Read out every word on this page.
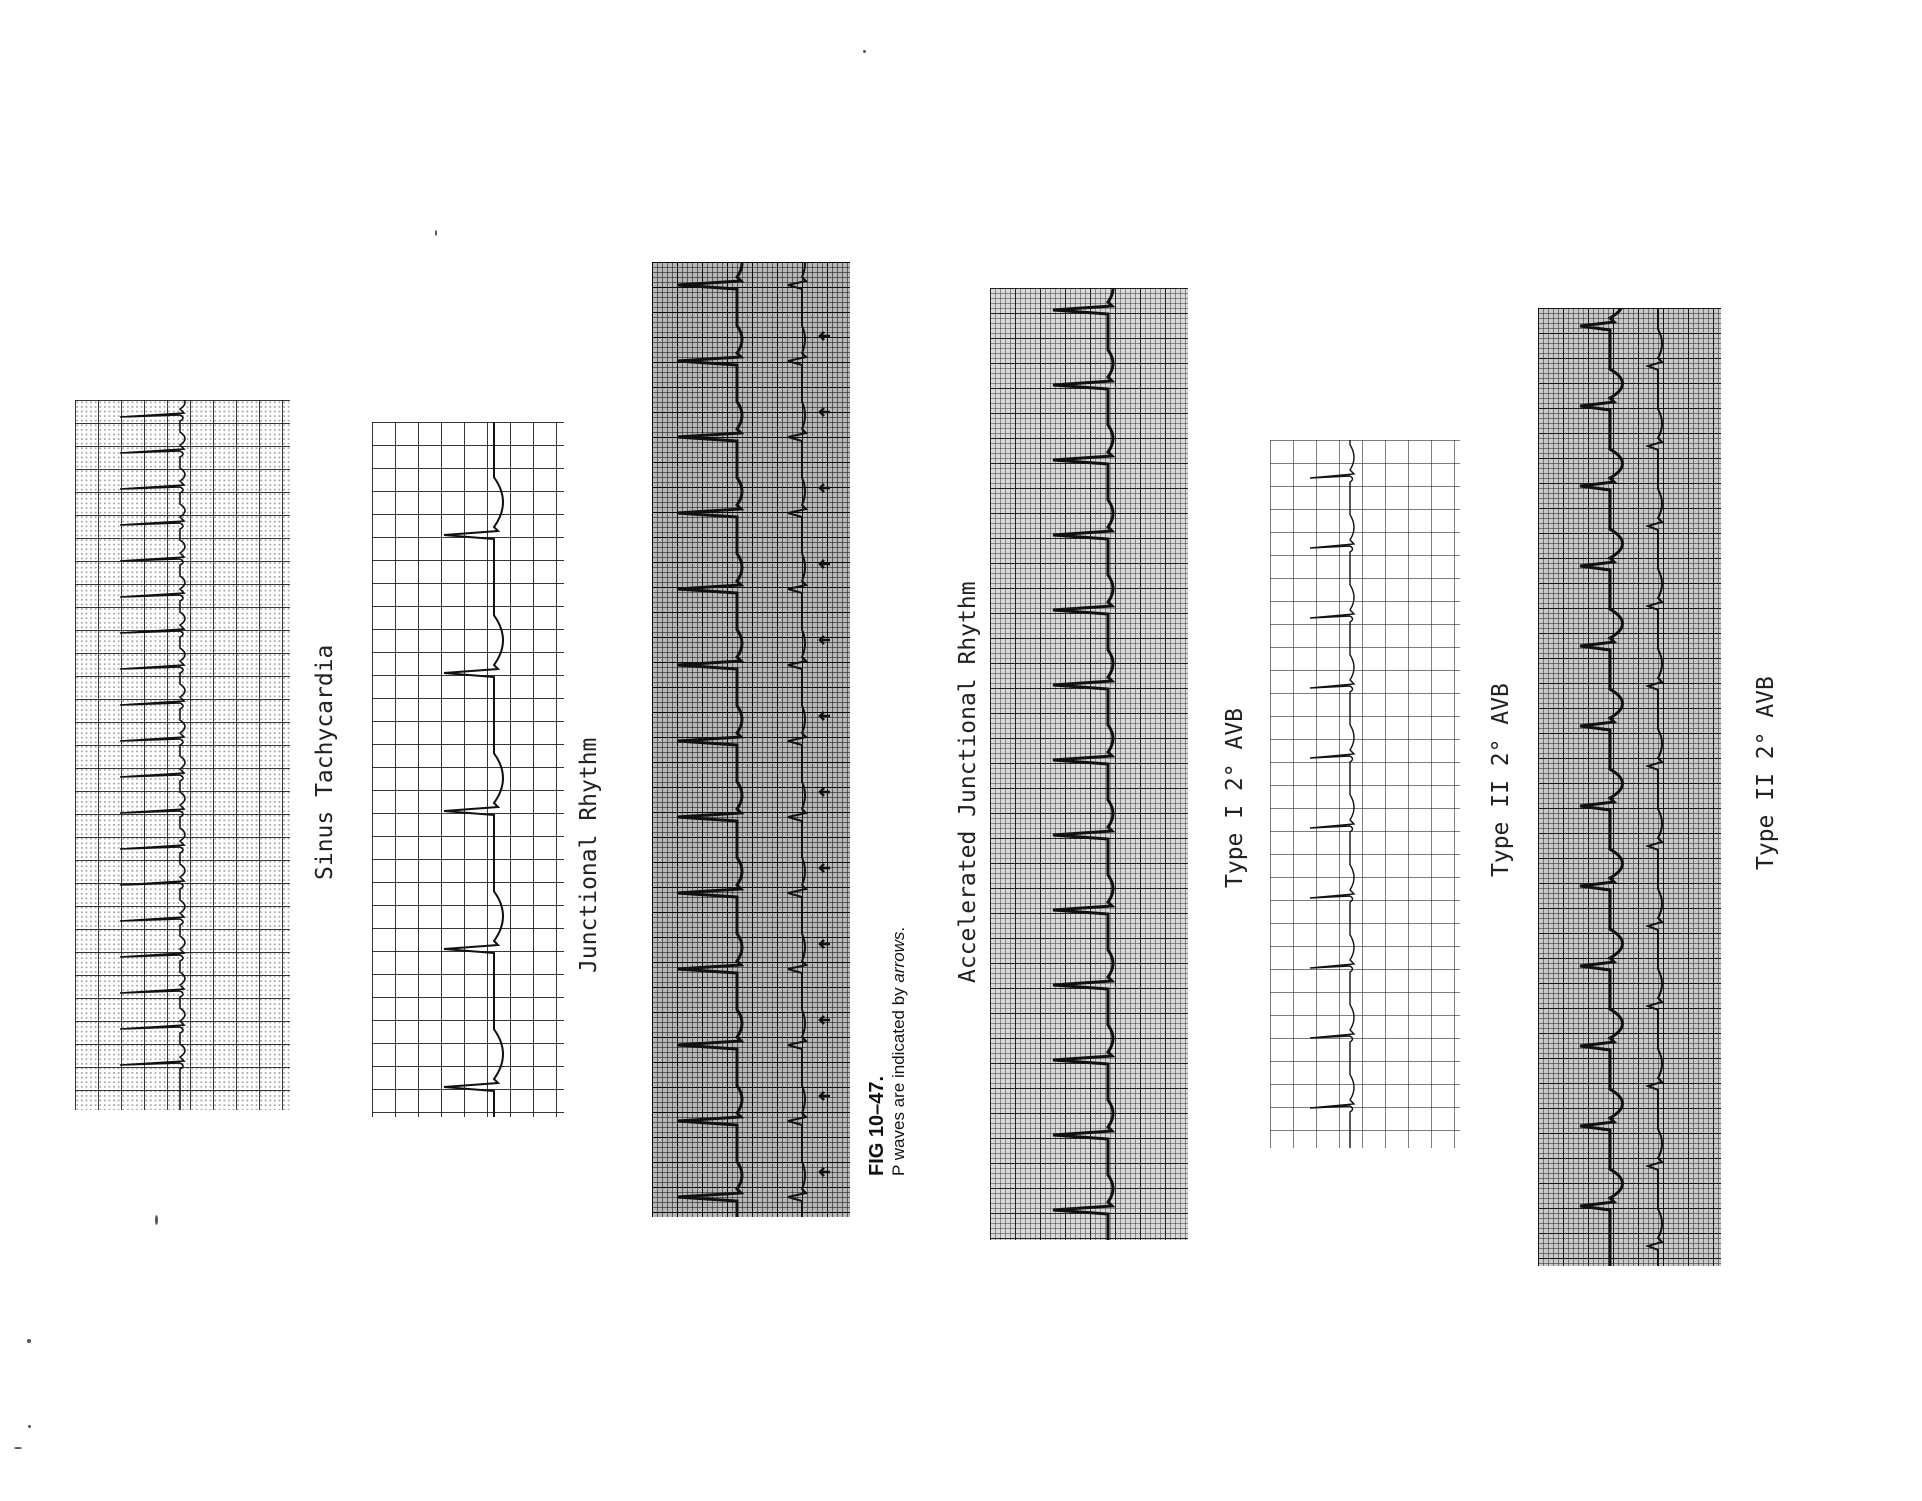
Sinus Tachycardia	Junctional Rhythm
FIG 10–47. P waves are indicated by arrows. Accelerated Junctional Rhythm	Type I 2° AVB	Type II 2° AVB	Type II 2° AVB
